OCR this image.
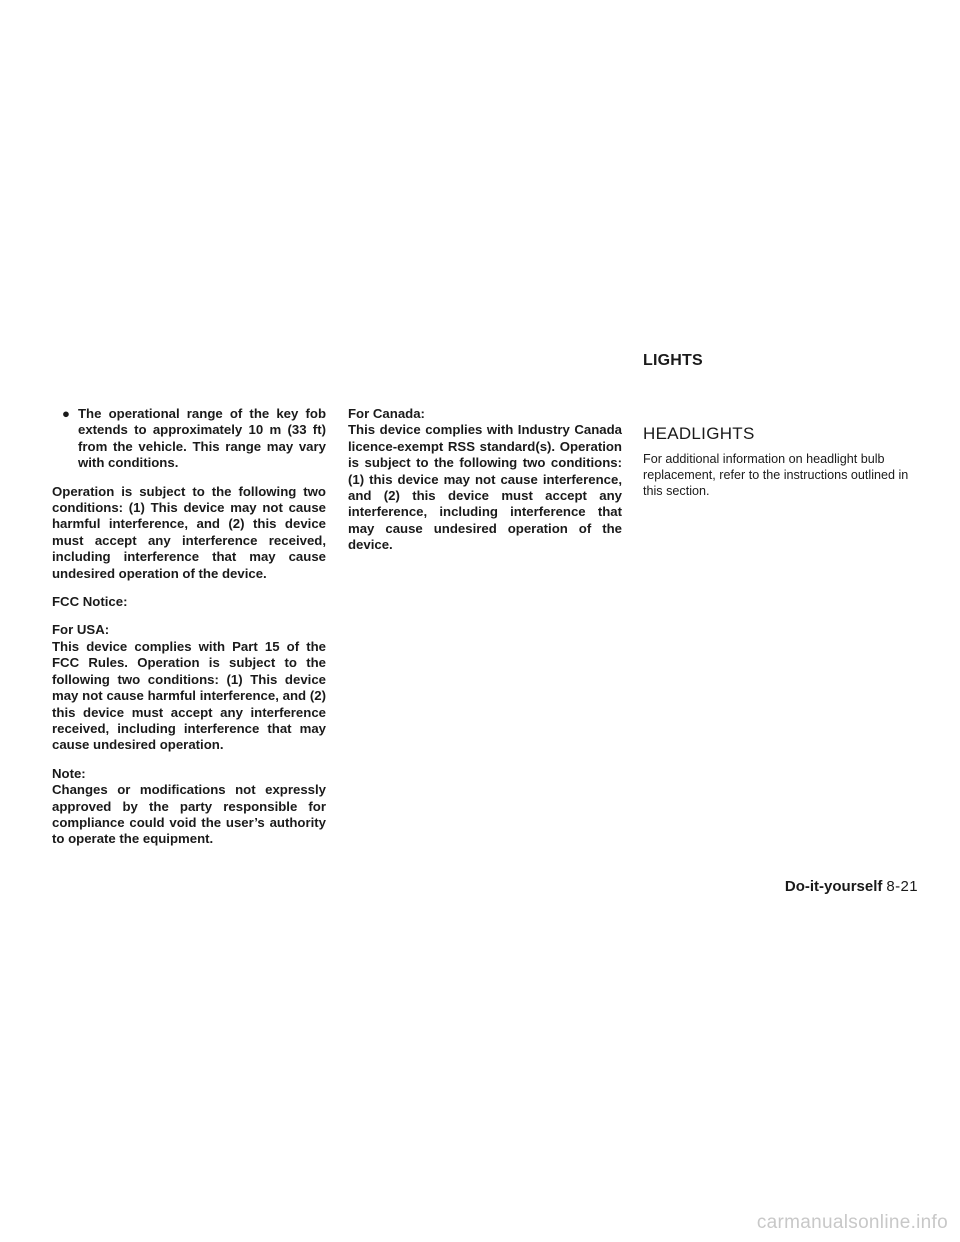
● The operational range of the key fob extends to approximately 10 m (33 ft) from the vehicle. This range may vary with conditions.

Operation is subject to the following two conditions: (1) This device may not cause harmful interference, and (2) this device must accept any interference received, including interference that may cause undesired operation of the device.

FCC Notice:

For USA:
This device complies with Part 15 of the FCC Rules. Operation is subject to the following two conditions: (1) This device may not cause harmful interference, and (2) this device must accept any interference received, including interference that may cause undesired operation.

Note:
Changes or modifications not expressly approved by the party responsible for compliance could void the user’s authority to operate the equipment.

For Canada:
This device complies with Industry Canada licence-exempt RSS standard(s). Operation is subject to the following two conditions: (1) this device may not cause interference, and (2) this device must accept any interference, including interference that may cause undesired operation of the device.

LIGHTS
HEADLIGHTS

For additional information on headlight bulb replacement, refer to the instructions outlined in this section.

Do-it-yourself 8-21
carmanualsonline.info
